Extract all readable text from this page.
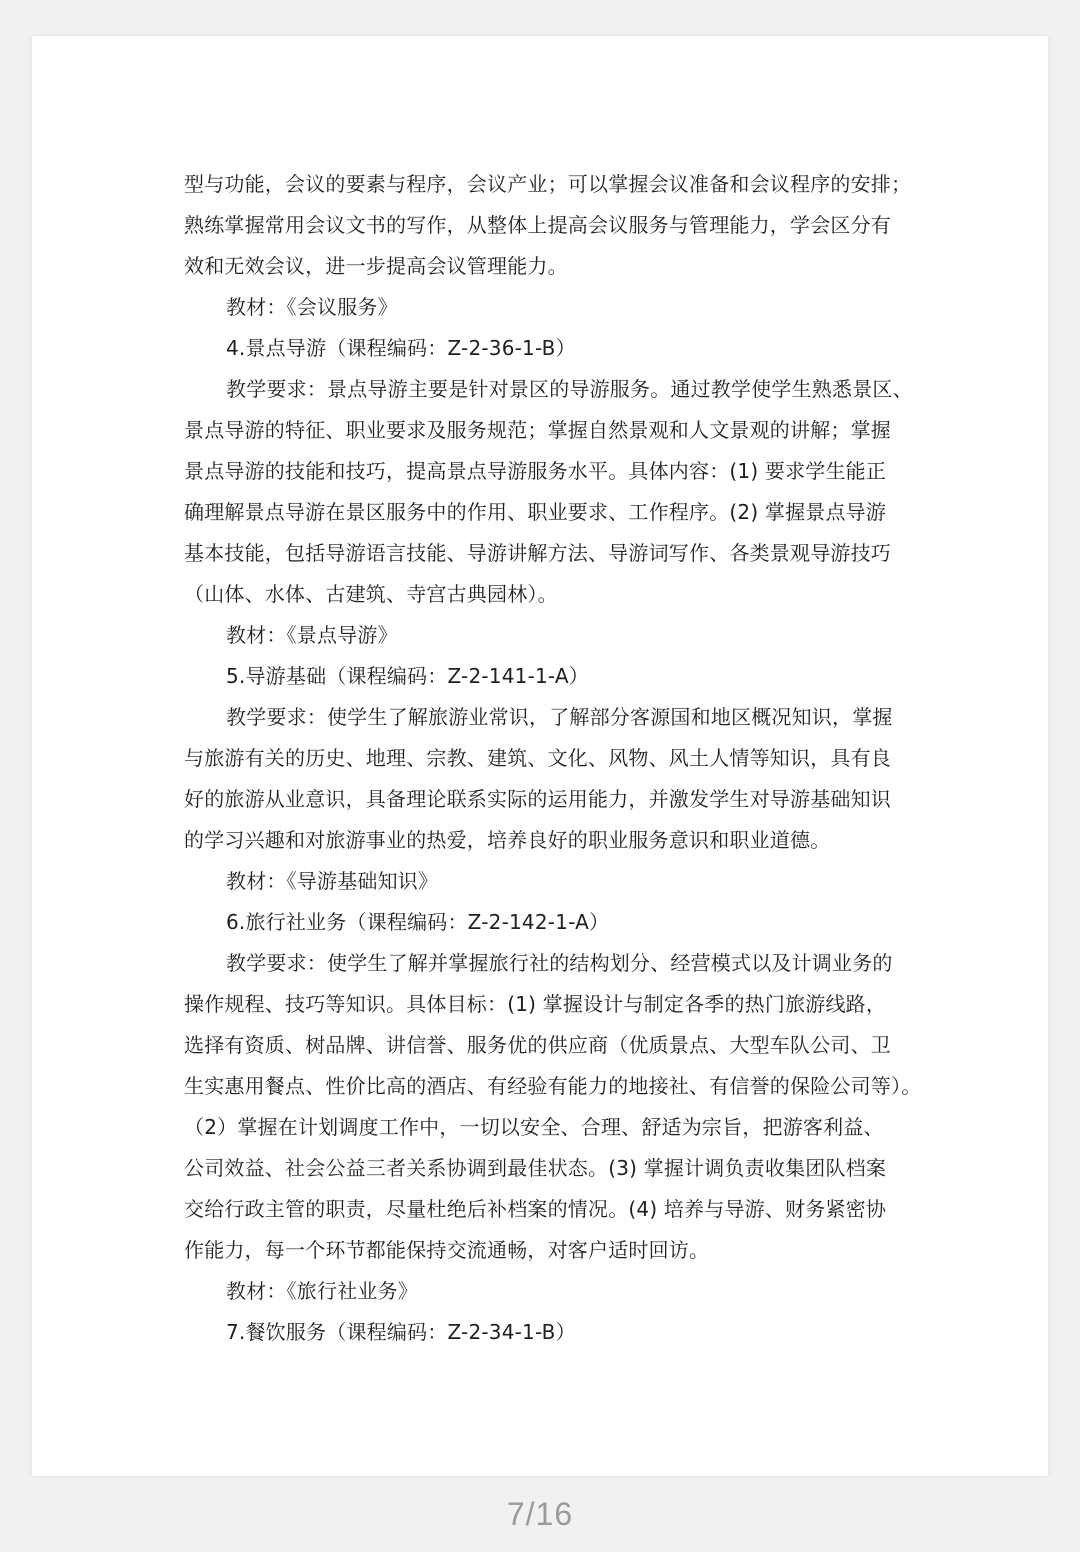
型与功能，会议的要素与程序，会议产业；可以掌握会议准备和会议程序的安排；
熟练掌握常用会议文书的写作，从整体上提高会议服务与管理能力，学会区分有
效和无效会议，进一步提高会议管理能力。
教材：《会议服务》
4.景点导游（课程编码：Z-2-36-1-B）
教学要求：景点导游主要是针对景区的导游服务。通过教学使学生熟悉景区、
景点导游的特征、职业要求及服务规范；掌握自然景观和人文景观的讲解；掌握
景点导游的技能和技巧，提高景点导游服务水平。具体内容：(1) 要求学生能正
确理解景点导游在景区服务中的作用、职业要求、工作程序。(2) 掌握景点导游
基本技能，包括导游语言技能、导游讲解方法、导游词写作、各类景观导游技巧
（山体、水体、古建筑、寺宫古典园林）。
教材：《景点导游》
5.导游基础（课程编码：Z-2-141-1-A）
教学要求：使学生了解旅游业常识，了解部分客源国和地区概况知识，掌握
与旅游有关的历史、地理、宗教、建筑、文化、风物、风土人情等知识，具有良
好的旅游从业意识，具备理论联系实际的运用能力，并激发学生对导游基础知识
的学习兴趣和对旅游事业的热爱，培养良好的职业服务意识和职业道德。
教材：《导游基础知识》
6.旅行社业务（课程编码：Z-2-142-1-A）
教学要求：使学生了解并掌握旅行社的结构划分、经营模式以及计调业务的
操作规程、技巧等知识。具体目标：(1) 掌握设计与制定各季的热门旅游线路，
选择有资质、树品牌、讲信誉、服务优的供应商（优质景点、大型车队公司、卫
生实惠用餐点、性价比高的酒店、有经验有能力的地接社、有信誉的保险公司等）。
（2）掌握在计划调度工作中，一切以安全、合理、舒适为宗旨，把游客利益、
公司效益、社会公益三者关系协调到最佳状态。(3) 掌握计调负责收集团队档案
交给行政主管的职责，尽量杜绝后补档案的情况。(4) 培养与导游、财务紧密协
作能力，每一个环节都能保持交流通畅，对客户适时回访。
教材：《旅行社业务》
7.餐饮服务（课程编码：Z-2-34-1-B）
7/16
